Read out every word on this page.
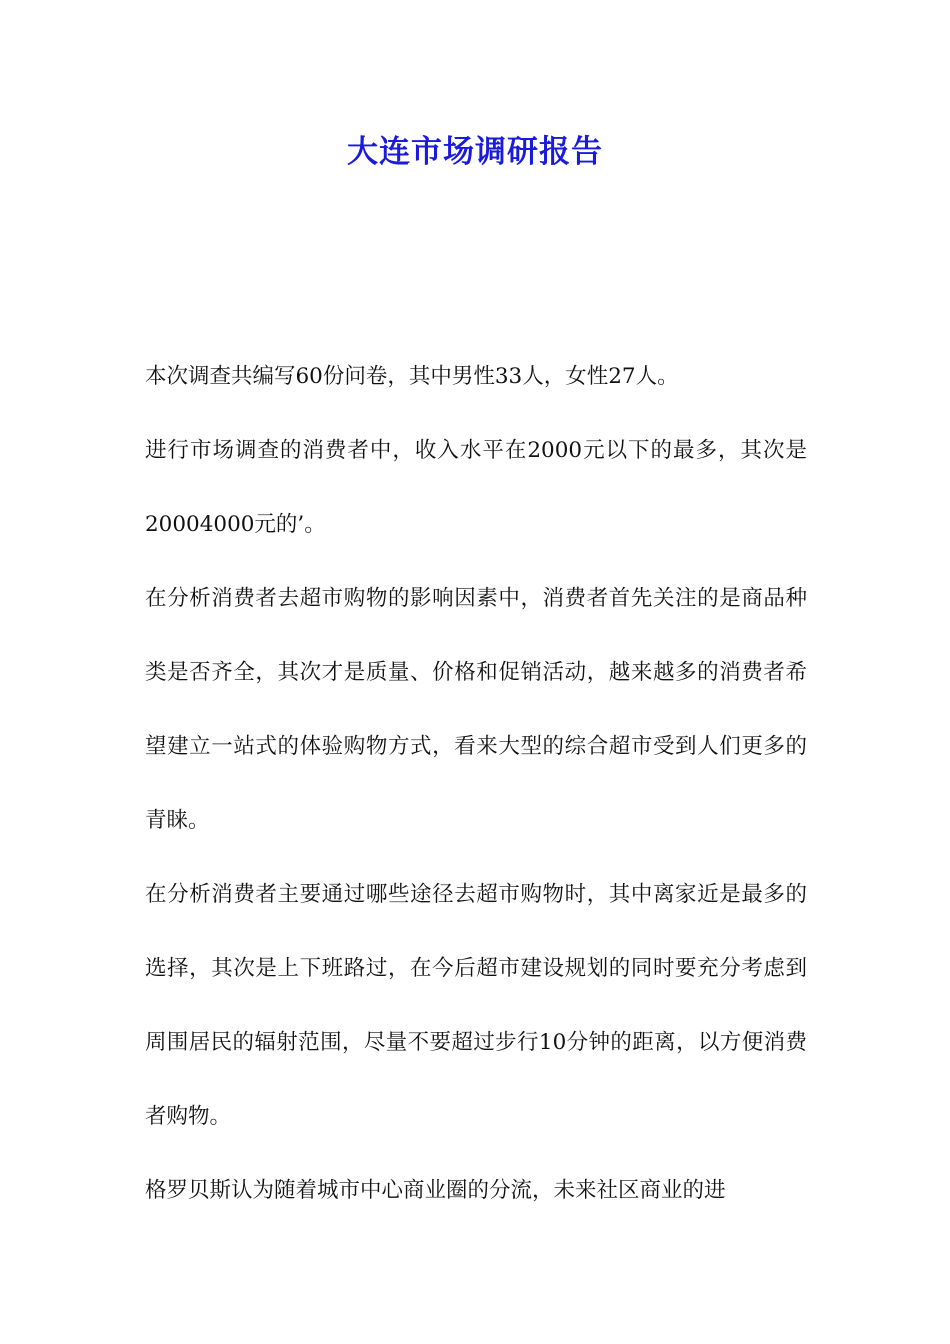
大连市场调研报告

本次调查共编写60份问卷，其中男性33人，女性27人。

进行市场调查的消费者中，收入水平在2000元以下的最多，其次是20004000元的’。

在分析消费者去超市购物的影响因素中，消费者首先关注的是商品种类是否齐全，其次才是质量、价格和促销活动，越来越多的消费者希望建立一站式的体验购物方式，看来大型的综合超市受到人们更多的青睐。

在分析消费者主要通过哪些途径去超市购物时，其中离家近是最多的选择，其次是上下班路过，在今后超市建设规划的同时要充分考虑到周围居民的辐射范围，尽量不要超过步行10分钟的距离，以方便消费者购物。

格罗贝斯认为随着城市中心商业圈的分流，未来社区商业的进
